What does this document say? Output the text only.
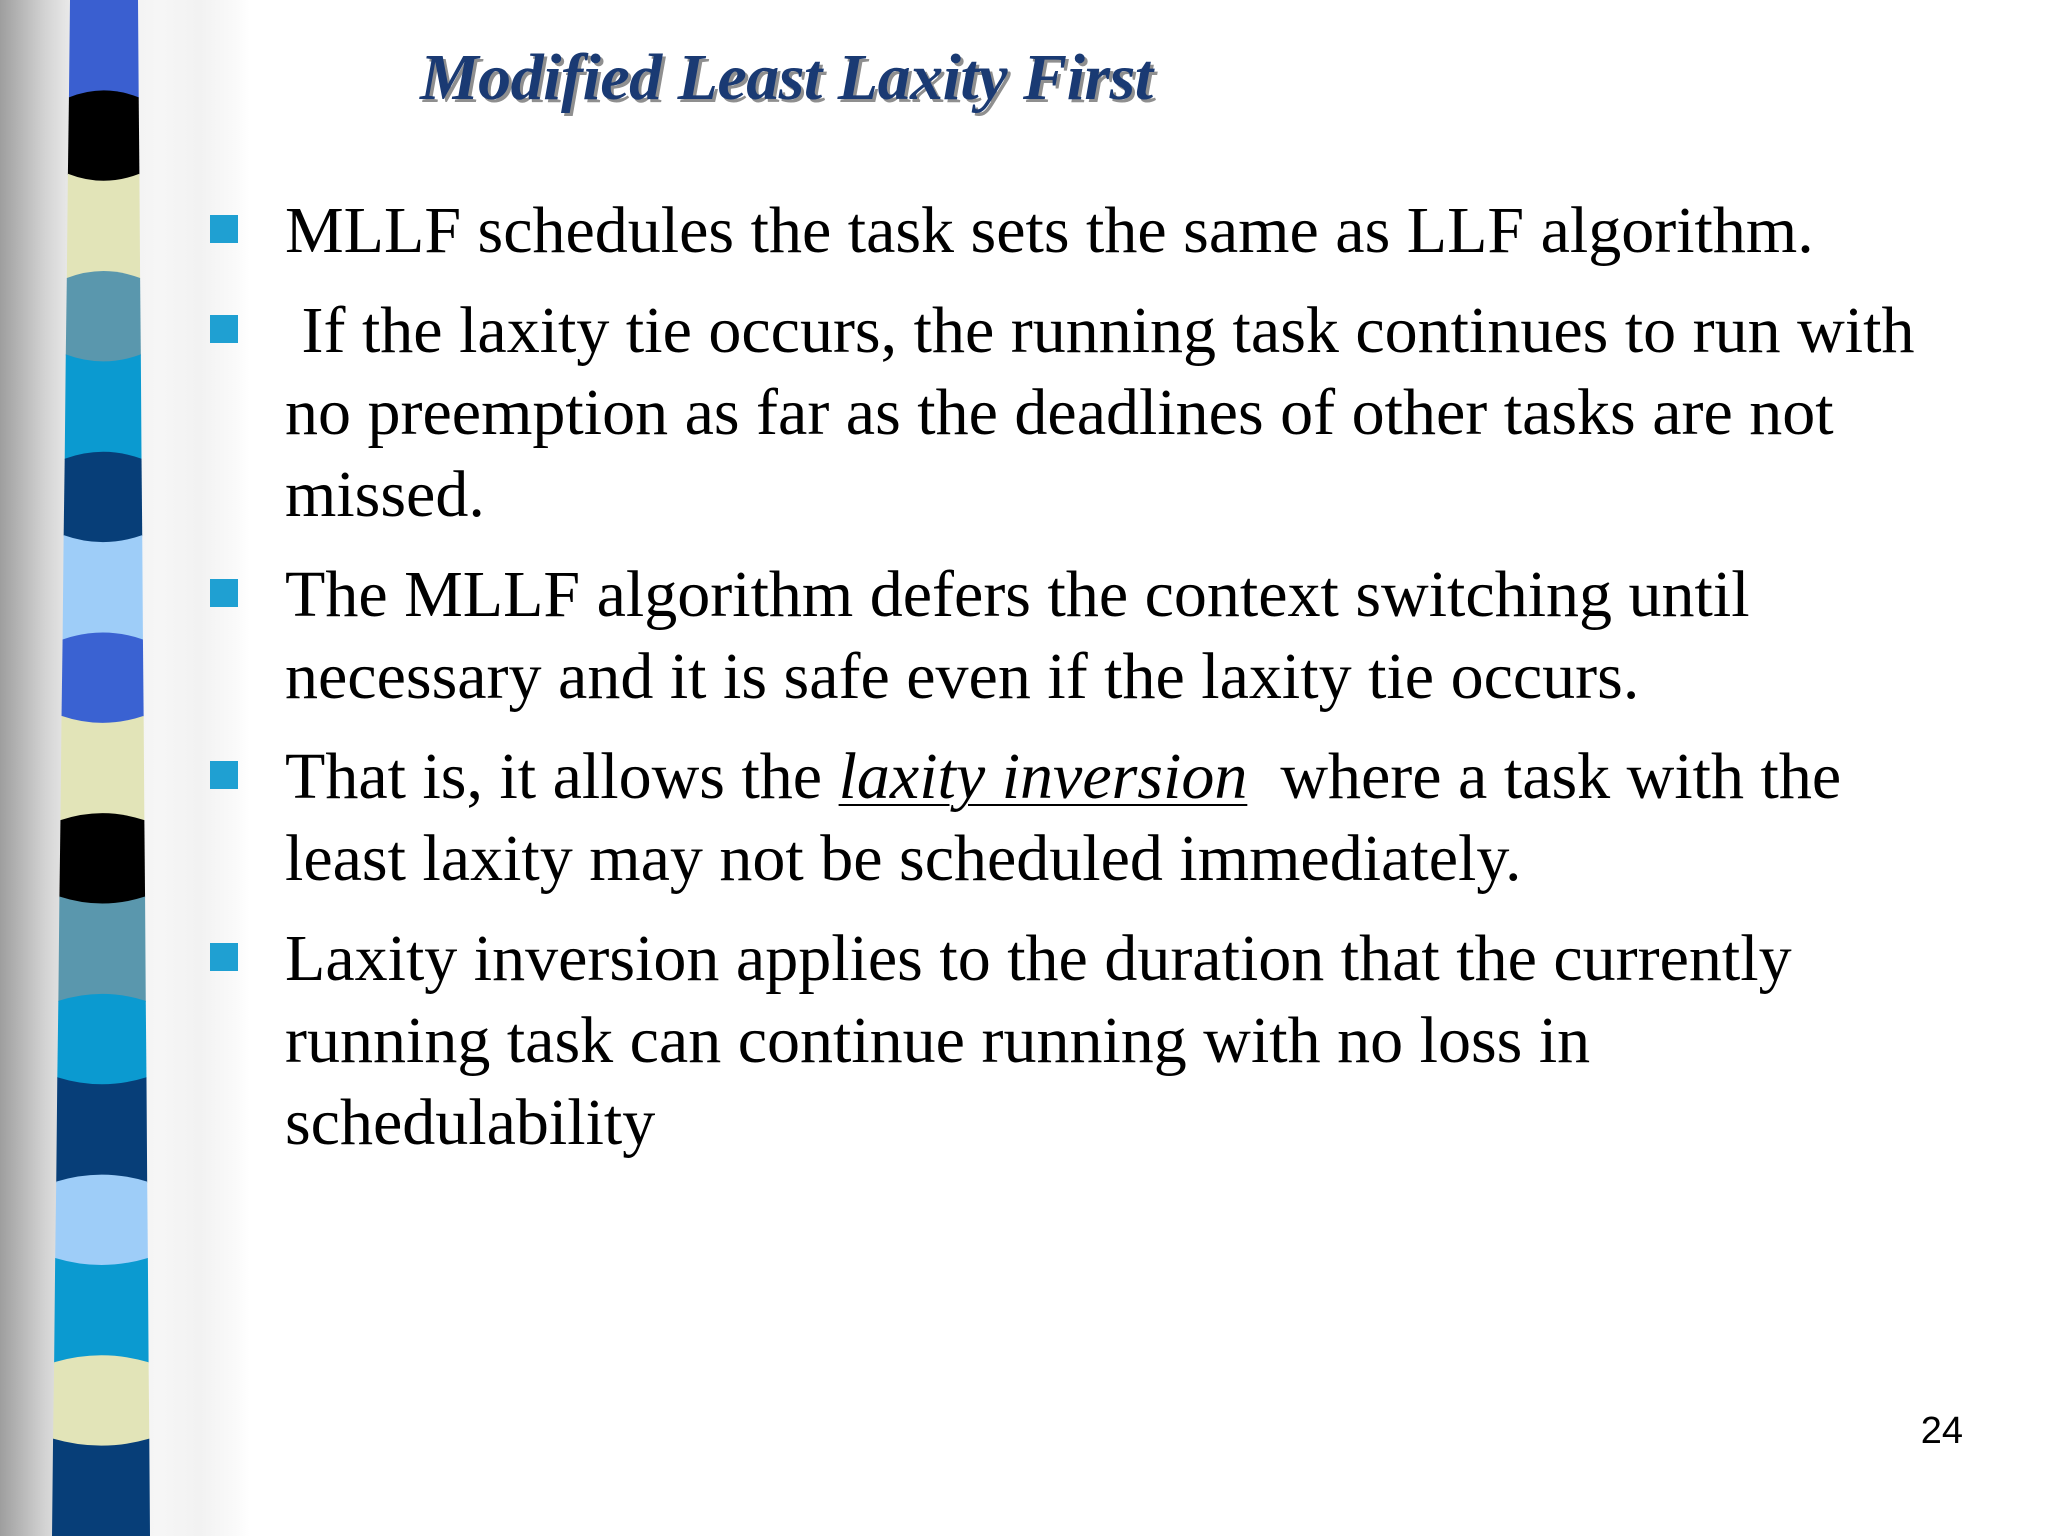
Modified Least Laxity First
MLLF schedules the task sets the same as LLF algorithm.
If the laxity tie occurs, the running task continues to run with no preemption as far as the deadlines of other tasks are not missed.
The MLLF algorithm defers the context switching until necessary and it is safe even if the laxity tie occurs.
That is, it allows the laxity inversion  where a task with the least laxity may not be scheduled immediately.
Laxity inversion applies to the duration that the currently running task can continue running with no loss in schedulability
24
